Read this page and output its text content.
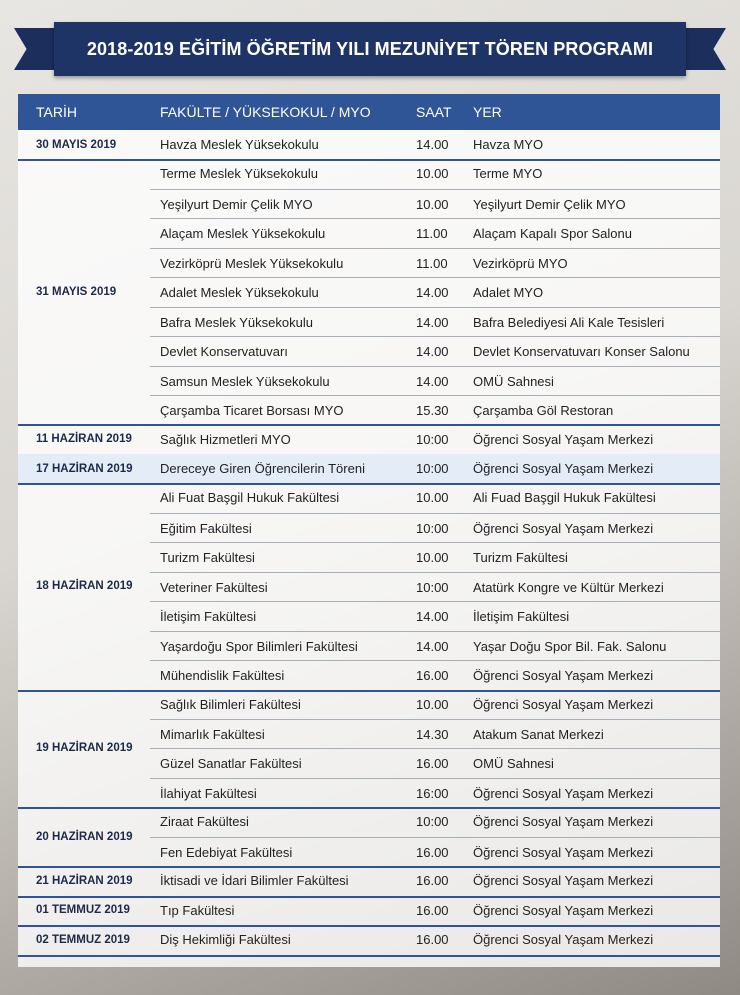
2018-2019 EĞİTİM ÖĞRETİM YILI MEZUNİYET TÖREN PROGRAMI
TARİH	FAKÜLTE / YÜKSEKOKUL / MYO	SAAT YER
30 MAYIS 2019	Havza Meslek Yüksekokulu	14.00 Havza MYO
31 MAYIS 2019
Terme Meslek Yüksekokulu	10.00 Terme MYO
Yeşilyurt Demir Çelik MYO	10.00 Yeşilyurt Demir Çelik MYO
Alaçam Meslek Yüksekokulu	11.00 Alaçam Kapalı Spor Salonu
Vezirköprü Meslek Yüksekokulu	11.00 Vezirköprü MYO
Adalet Meslek Yüksekokulu	14.00 Adalet MYO
Bafra Meslek Yüksekokulu	14.00 Bafra Belediyesi Ali Kale Tesisleri
Devlet Konservatuvarı	14.00 Devlet Konservatuvarı Konser Salonu
Samsun Meslek Yüksekokulu	14.00 OMÜ Sahnesi
Çarşamba Ticaret Borsası MYO	15.30 Çarşamba Göl Restoran
11 HAZİRAN 2019 Sağlık Hizmetleri MYO	10:00 Öğrenci Sosyal Yaşam Merkezi
17 HAZİRAN 2019 Dereceye Giren Öğrencilerin Töreni	10:00 Öğrenci Sosyal Yaşam Merkezi
18 HAZİRAN 2019
Ali Fuat Başgil Hukuk Fakültesi	10.00 Ali Fuad Başgil Hukuk Fakültesi
Eğitim Fakültesi	10:00 Öğrenci Sosyal Yaşam Merkezi
Turizm Fakültesi	10.00 Turizm Fakültesi
Veteriner Fakültesi	10:00 Atatürk Kongre ve Kültür Merkezi
İletişim Fakültesi	14.00 İletişim Fakültesi
Yaşardoğu Spor Bilimleri Fakültesi	14.00 Yaşar Doğu Spor Bil. Fak. Salonu
Mühendislik Fakültesi	16.00 Öğrenci Sosyal Yaşam Merkezi
19 HAZİRAN 2019
Sağlık Bilimleri Fakültesi	10.00 Öğrenci Sosyal Yaşam Merkezi
Mimarlık Fakültesi	14.30 Atakum Sanat Merkezi
Güzel Sanatlar Fakültesi	16.00 OMÜ Sahnesi
İlahiyat Fakültesi	16:00 Öğrenci Sosyal Yaşam Merkezi
20 HAZİRAN 2019
Ziraat Fakültesi	10:00 Öğrenci Sosyal Yaşam Merkezi
Fen Edebiyat Fakültesi	16.00 Öğrenci Sosyal Yaşam Merkezi
21 HAZİRAN 2019 İktisadi ve İdari Bilimler Fakültesi	16.00 Öğrenci Sosyal Yaşam Merkezi
01 TEMMUZ 2019 Tıp Fakültesi	16.00 Öğrenci Sosyal Yaşam Merkezi
02 TEMMUZ 2019 Diş Hekimliği Fakültesi	16.00 Öğrenci Sosyal Yaşam Merkezi
